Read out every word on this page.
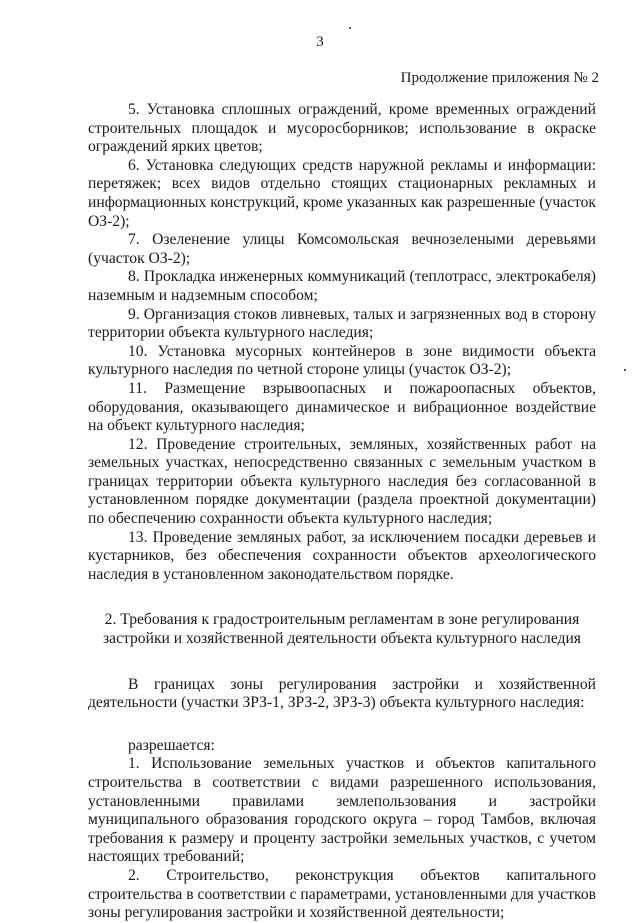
3
Продолжение приложения № 2

5. Установка сплошных ограждений, кроме временных ограждений строительных площадок и мусоросборников; использование в окраске ограждений ярких цветов;

6. Установка следующих средств наружной рекламы и информации: перетяжек; всех видов отдельно стоящих стационарных рекламных и информационных конструкций, кроме указанных как разрешенные (участок ОЗ-2);

7. Озеленение улицы Комсомольская вечнозелеными деревьями (участок ОЗ-2);

8. Прокладка инженерных коммуникаций (теплотрасс, электрокабеля) наземным и надземным способом;

9. Организация стоков ливневых, талых и загрязненных вод в сторону территории объекта культурного наследия;

10. Установка мусорных контейнеров в зоне видимости объекта культурного наследия по четной стороне улицы (участок ОЗ-2);

11. Размещение взрывоопасных и пожароопасных объектов, оборудования, оказывающего динамическое и вибрационное воздействие на объект культурного наследия;

12. Проведение строительных, земляных, хозяйственных работ на земельных участках, непосредственно связанных с земельным участком в границах территории объекта культурного наследия без согласованной в установленном порядке документации (раздела проектной документации) по обеспечению сохранности объекта культурного наследия;

13. Проведение земляных работ, за исключением посадки деревьев и кустарников, без обеспечения сохранности объектов археологического наследия в установленном законодательством порядке.

2. Требования к градостроительным регламентам в зоне регулирования застройки и хозяйственной деятельности объекта культурного наследия

В границах зоны регулирования застройки и хозяйственной деятельности (участки ЗРЗ-1, ЗРЗ-2, ЗРЗ-3) объекта культурного наследия:

разрешается:

1. Использование земельных участков и объектов капитального строительства в соответствии с видами разрешенного использования, установленными правилами землепользования и застройки муниципального образования городского округа – город Тамбов, включая требования к размеру и проценту застройки земельных участков, с учетом настоящих требований;

2. Строительство, реконструкция объектов капитального строительства в соответствии с параметрами, установленными для участков зоны регулирования застройки и хозяйственной деятельности;
